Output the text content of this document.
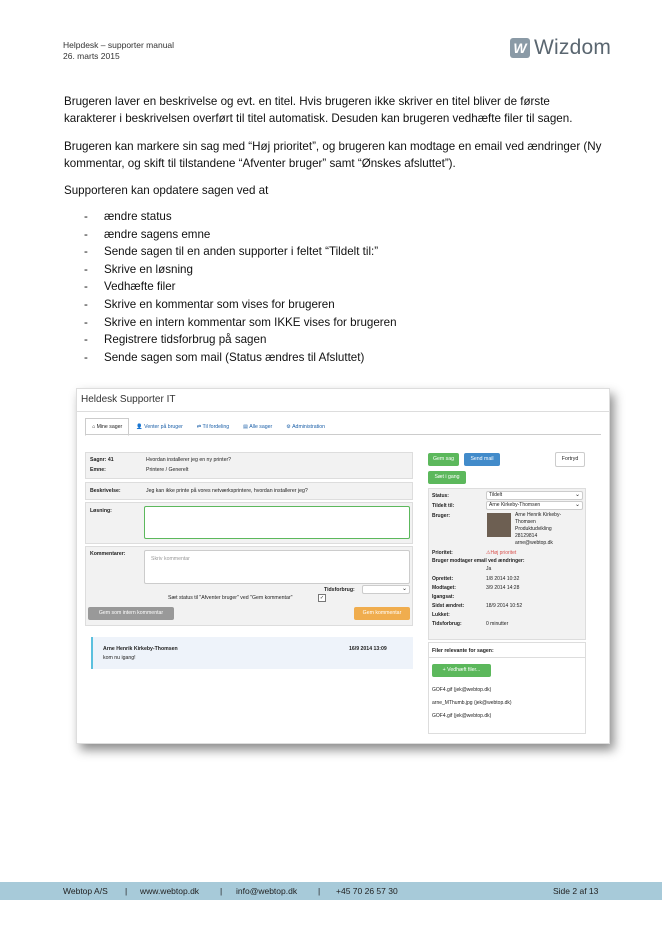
Helpdesk – supporter manual
26. marts 2015	W Wizdom
Brugeren laver en beskrivelse og evt. en titel. Hvis brugeren ikke skriver en titel bliver de første karakterer i beskrivelsen overført til titel automatisk. Desuden kan brugeren vedhæfte filer til sagen.
Brugeren kan markere sin sag med “Høj prioritet”, og brugeren kan modtage en email ved ændringer (Ny kommentar, og skift til tilstandene “Afventer bruger” samt “Ønskes afsluttet”).
Supporteren kan opdatere sagen ved at
-	ændre status
-	ændre sagens emne
-	Sende sagen til en anden supporter i feltet “Tildelt til:”
-	Skrive en løsning
-	Vedhæfte filer
-	Skrive en kommentar som vises for brugeren
-	Skrive en intern kommentar som IKKE vises for brugeren
-	Registrere tidsforbrug på sagen
-	Sende sagen som mail (Status ændres til Afsluttet)
Heldesk Supporter IT
⌂ Mine sager	👤 Venter på bruger	⇄ Til fordeling	▤ Alle sager	⚙ Administration
Sagnr: 41	Hvordan installerer jeg en ny printer?
Emne:	Printere / Generelt
Beskrivelse:	Jeg kan ikke printe på vores netværksprintere, hvordan installerer jeg?
Løsning:
Kommentarer:
Skriv kommentar
Tidsforbrug:	⌄
Sæt status til "Afventer bruger" ved "Gem kommentar"	✓
Gem som intern kommentar	Gem kommentar
Arne Henrik Kirkeby-Thomsen	16/9 2014 13:09
kom nu igang!
Gem sag	Send mail	Fortryd
Sæt i gang
Status:	Tildelt	⌄
Tildelt til:	Arne Kirkeby-Thomsen	⌄
Bruger:	Arne Henrik Kirkeby-
Thomsen
Produktudvikling
28129814
arne@webtop.dk
Prioritet:	⚠Høj prioritet
Bruger modtager email ved ændringer:
Ja
Oprettet:	1/8 2014 10:32
Modtaget:	3/9 2014 14:28
Igangsat:
Sidst ændret:	18/9 2014 10:52
Lukket:
Tidsforbrug:	0 minutter
Filer relevante for sagen:
+ Vedhæft filer...
GOF4.gif (jek@webtop.dk)
arne_MThumb.jpg (jek@webtop.dk)
GOF4.gif (jek@webtop.dk)
Webtop A/S | www.webtop.dk | info@webtop.dk | +45 70 26 57 30	Side 2 af 13
